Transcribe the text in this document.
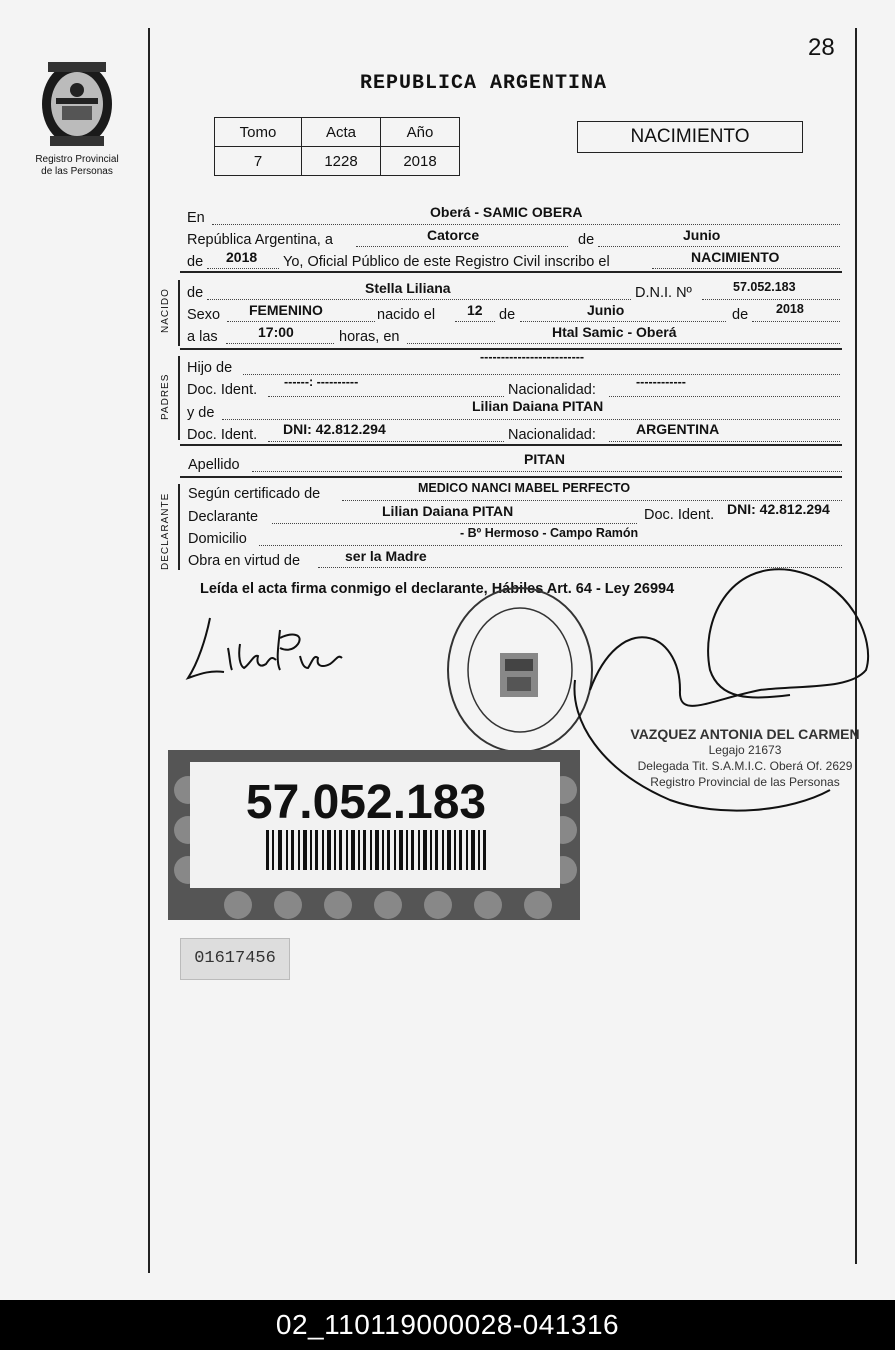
28
Registro Provincial
de las Personas
REPUBLICA ARGENTINA
Tomo	Acta	Año
7	1228	2018
NACIMIENTO
En	Oberá - SAMIC OBERA
República Argentina, a	Catorce	de	Junio
de 2018 Yo, Oficial Público de este Registro Civil inscribo el	NACIMIENTO
NACIDO de	Stella Liliana	D.N.I. Nº	57.052.183
Sexo FEMENINO	nacido el 12 de	Junio	de 2018
a las	17:00	horas, en	Htal Samic - Oberá
PADRES
Hijo de
-------------------------
Doc. Ident. ------: ----------	Nacionalidad:	------------
y de	Lilian Daiana PITAN
Doc. Ident. DNI: 42.812.294	Nacionalidad:	ARGENTINA
Apellido	PITAN
DECLARANTE Según certificado de	MEDICO NANCI MABEL PERFECTO
Declarante	Lilian Daiana PITAN	Doc. Ident. DNI: 42.812.294
Domicilio	- Bº Hermoso - Campo Ramón
Obra en virtud de	ser la Madre
Leída el acta firma conmigo el declarante, Hábiles Art. 64 - Ley 26994
VAZQUEZ ANTONIA DEL CARMEN
Legajo 21673
Delegada Tit. S.A.M.I.C. Oberá Of. 2629
Registro Provincial de las Personas
57.052.183
01617456
02_110119000028-041316
